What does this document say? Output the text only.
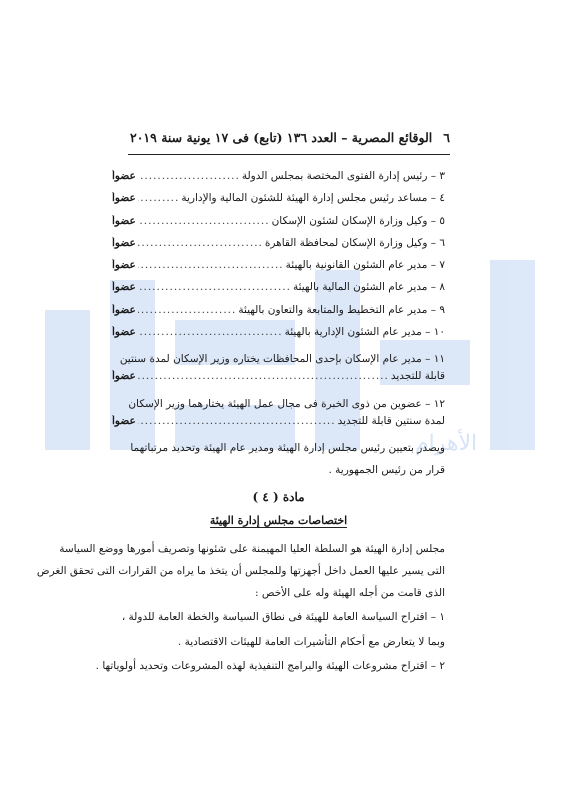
الأهرام
٦
الوقائع المصرية – العدد ١٣٦ (تابع) فى ١٧ يونية سنة ٢٠١٩
٣ – رئيس إدارة الفتوى المختصة بمجلس الدولة
.....
عضواً
٤ – مساعد رئيس مجلس إدارة الهيئة للشئون المالية والإدارية
.....
عضواً
٥ – وكيل وزارة الإسكان لشئون الإسكان
.....
عضواً
٦ – وكيل وزارة الإسكان لمحافظة القاهرة
.....
عضواً
٧ – مدير عام الشئون القانونية بالهيئة
.....
عضواً
٨ – مدير عام الشئون المالية بالهيئة
.....
عضواً
٩ – مدير عام التخطيط والمتابعة والتعاون بالهيئة
.....
عضواً
١٠ – مدير عام الشئون الإدارية بالهيئة
.....
عضواً
١١ – مدير عام الإسكان بإحدى المحافظات يختاره وزير الإسكان لمدة سنتين
قابلة للتجديد
.....
عضواً
١٢ – عضوين من ذوى الخبرة فى مجال عمل الهيئة يختارهما وزير الإسكان
لمدة سنتين قابلة للتجديد
.....
عضواً
ويصدر بتعيين رئيس مجلس إدارة الهيئة ومدير عام الهيئة وتحديد مرتباتهما
قرار من رئيس الجمهورية .
مادة ( ٤ )
اختصاصات مجلس إدارة الهيئة
مجلس إدارة الهيئة هو السلطة العليا المهيمنة على شئونها وتصريف أمورها ووضع السياسة
التى يسير عليها العمل داخل أجهزتها وللمجلس أن يتخذ ما يراه من القرارات التى تحقق الغرض
الذى قامت من أجله الهيئة وله على الأخص :
١ – اقتراح السياسة العامة للهيئة فى نطاق السياسة والخطة العامة للدولة ،
وبما لا يتعارض مع أحكام التأشيرات العامة للهيئات الاقتصادية .
٢ – اقتراح مشروعات الهيئة والبرامج التنفيذية لهذه المشروعات وتحديد أولوياتها .
